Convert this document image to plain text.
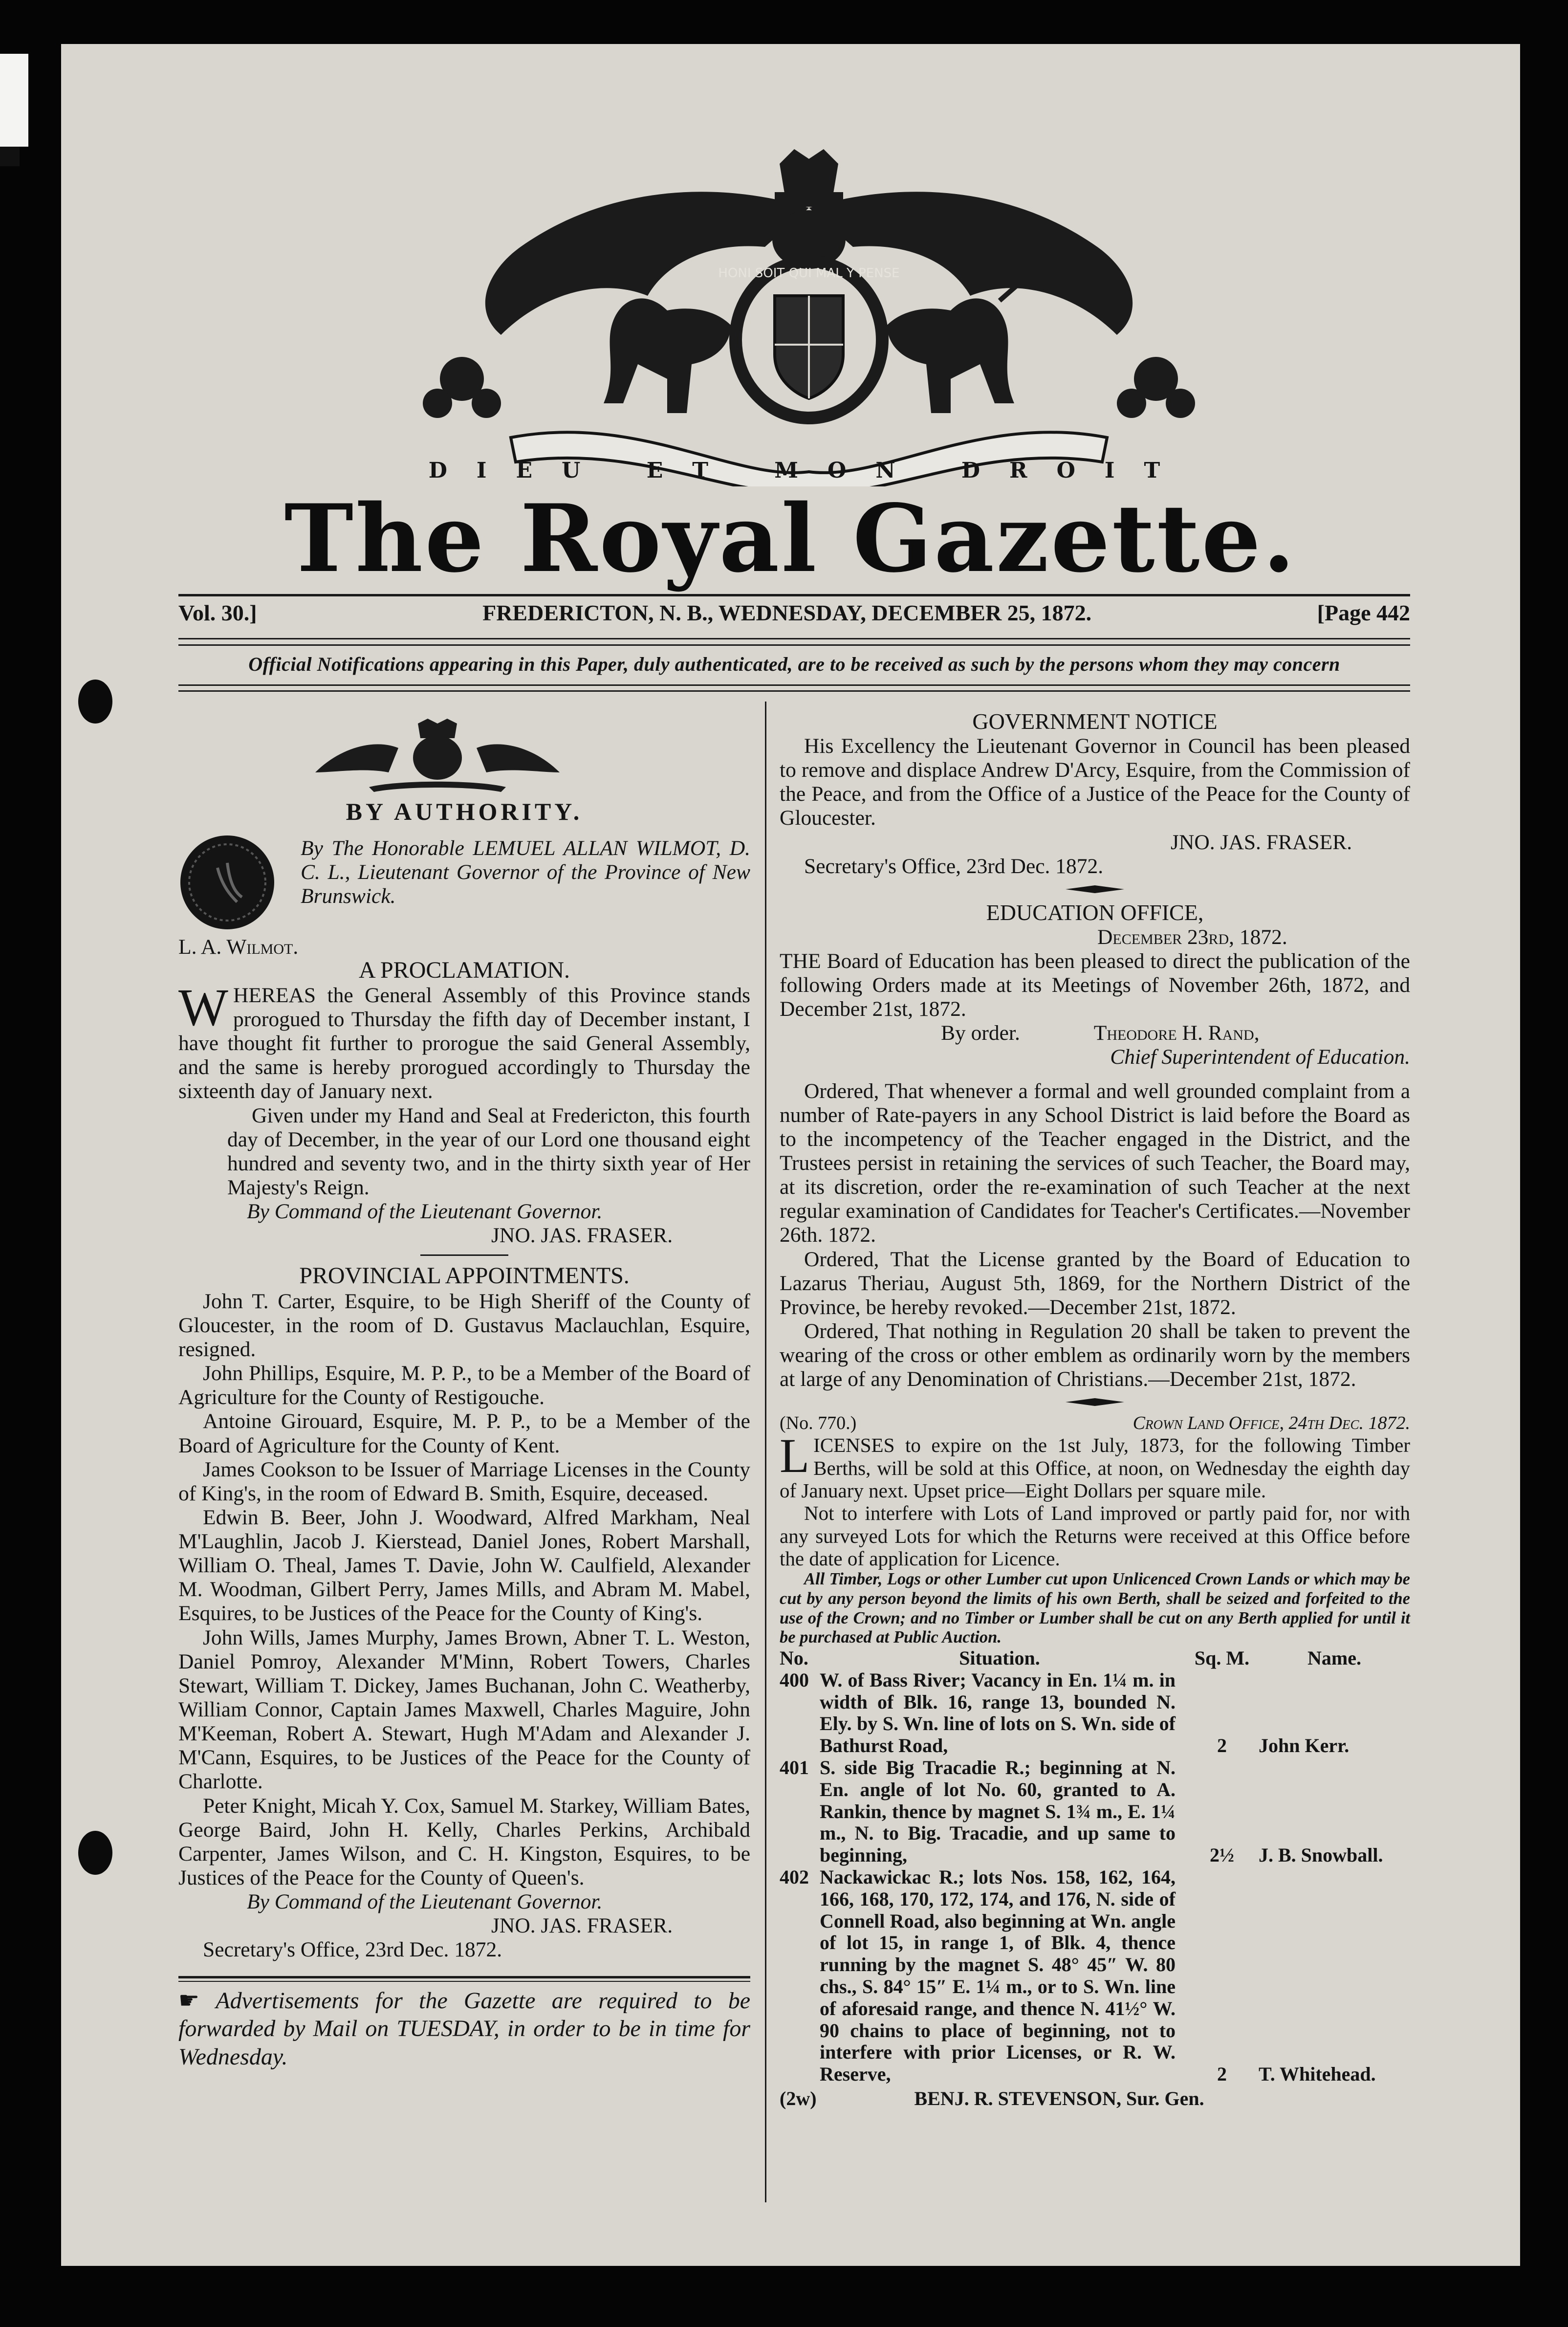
HONI SOIT QUI MAL Y PENSE
DIEU ET MON DROIT
The Royal Gazette.
Vol. 30.]	FREDERICTON, N. B., WEDNESDAY, DECEMBER 25, 1872.	[Page 442
Official Notifications appearing in this Paper, duly authenticated, are to be received as such by the persons whom they may concern

BY AUTHORITY.

By The Honorable LEMUEL ALLAN WILMOT, D. C. L., Lieutenant Governor of the Province of New Brunswick.

L. A. Wilmot.

A PROCLAMATION.

W HEREAS the General Assembly of this Province stands prorogued to Thursday the fifth day of December instant, I have thought fit further to prorogue the said General Assembly, and the same is hereby prorogued accordingly to Thursday the sixteenth day of January next.

Given under my Hand and Seal at Fredericton, this fourth day of December, in the year of our Lord one thousand eight hundred and seventy two, and in the thirty sixth year of Her Majesty's Reign.

By Command of the Lieutenant Governor.

JNO. JAS. FRASER.

PROVINCIAL APPOINTMENTS.

John T. Carter, Esquire, to be High Sheriff of the County of Gloucester, in the room of D. Gustavus Maclauchlan, Esquire, resigned.

John Phillips, Esquire, M. P. P., to be a Member of the Board of Agriculture for the County of Restigouche.

Antoine Girouard, Esquire, M. P. P., to be a Member of the Board of Agriculture for the County of Kent.

James Cookson to be Issuer of Marriage Licenses in the County of King's, in the room of Edward B. Smith, Esquire, deceased.

Edwin B. Beer, John J. Woodward, Alfred Markham, Neal M'Laughlin, Jacob J. Kierstead, Daniel Jones, Robert Marshall, William O. Theal, James T. Davie, John W. Caulfield, Alexander M. Woodman, Gilbert Perry, James Mills, and Abram M. Mabel, Esquires, to be Justices of the Peace for the County of King's.

John Wills, James Murphy, James Brown, Abner T. L. Weston, Daniel Pomroy, Alexander M'Minn, Robert Towers, Charles Stewart, William T. Dickey, James Buchanan, John C. Weatherby, William Connor, Captain James Maxwell, Charles Maguire, John M'Keeman, Robert A. Stewart, Hugh M'Adam and Alexander J. M'Cann, Esquires, to be Justices of the Peace for the County of Charlotte.

Peter Knight, Micah Y. Cox, Samuel M. Starkey, William Bates, George Baird, John H. Kelly, Charles Perkins, Archibald Carpenter, James Wilson, and C. H. Kingston, Esquires, to be Justices of the Peace for the County of Queen's.

By Command of the Lieutenant Governor.

JNO. JAS. FRASER.

Secretary's Office, 23rd Dec. 1872.

☛ Advertisements for the Gazette are required to be forwarded by Mail on TUESDAY, in order to be in time for Wednesday.

GOVERNMENT NOTICE

His Excellency the Lieutenant Governor in Council has been pleased to remove and displace Andrew D'Arcy, Esquire, from the Commission of the Peace, and from the Office of a Justice of the Peace for the County of Gloucester.

JNO. JAS. FRASER.

Secretary's Office, 23rd Dec. 1872.

EDUCATION OFFICE,

December 23rd, 1872.

THE Board of Education has been pleased to direct the publication of the following Orders made at its Meetings of November 26th, 1872, and December 21st, 1872.

By order.	Theodore H. Rand,

Chief Superintendent of Education.

Ordered, That whenever a formal and well grounded complaint from a number of Rate-payers in any School District is laid before the Board as to the incompetency of the Teacher engaged in the District, and the Trustees persist in retaining the services of such Teacher, the Board may, at its discretion, order the re-examination of such Teacher at the next regular examination of Candidates for Teacher's Certificates.—November 26th. 1872.

Ordered, That the License granted by the Board of Education to Lazarus Theriau, August 5th, 1869, for the Northern District of the Province, be hereby revoked.—December 21st, 1872.

Ordered, That nothing in Regulation 20 shall be taken to prevent the wearing of the cross or other emblem as ordinarily worn by the members at large of any Denomination of Christians.—December 21st, 1872.

(No. 770.)	Crown Land Office, 24th Dec. 1872.

L ICENSES to expire on the 1st July, 1873, for the following Timber Berths, will be sold at this Office, at noon, on Wednesday the eighth day of January next. Upset price—Eight Dollars per square mile.

Not to interfere with Lots of Land improved or partly paid for, nor with any surveyed Lots for which the Returns were received at this Office before the date of application for Licence.

All Timber, Logs or other Lumber cut upon Unlicenced Crown Lands or which may be cut by any person beyond the limits of his own Berth, shall be seized and forfeited to the use of the Crown; and no Timber or Lumber shall be cut on any Berth applied for until it be purchased at Public Auction.

No.	Situation.	Sq. M.	Name.
400	W. of Bass River; Vacancy in En. 1¼ m. in width of Blk. 16, range 13, bounded N. Ely. by S. Wn. line of lots on S. Wn. side of Bathurst Road,	2	John Kerr.
401	S. side Big Tracadie R.; beginning at N. En. angle of lot No. 60, granted to A. Rankin, thence by magnet S. 1¾ m., E. 1¼ m., N. to Big. Tracadie, and up same to beginning,	2½	J. B. Snowball.
402	Nackawickac R.; lots Nos. 158, 162, 164, 166, 168, 170, 172, 174, and 176, N. side of Connell Road, also beginning at Wn. angle of lot 15, in range 1, of Blk. 4, thence running by the magnet S. 48° 45″ W. 80 chs., S. 84° 15″ E. 1¼ m., or to S. Wn. line of aforesaid range, and thence N. 41½° W. 90 chains to place of beginning, not to interfere with prior Licenses, or R. W. Reserve,	2	T. Whitehead.
(2w)	BENJ. R. STEVENSON, Sur. Gen.
